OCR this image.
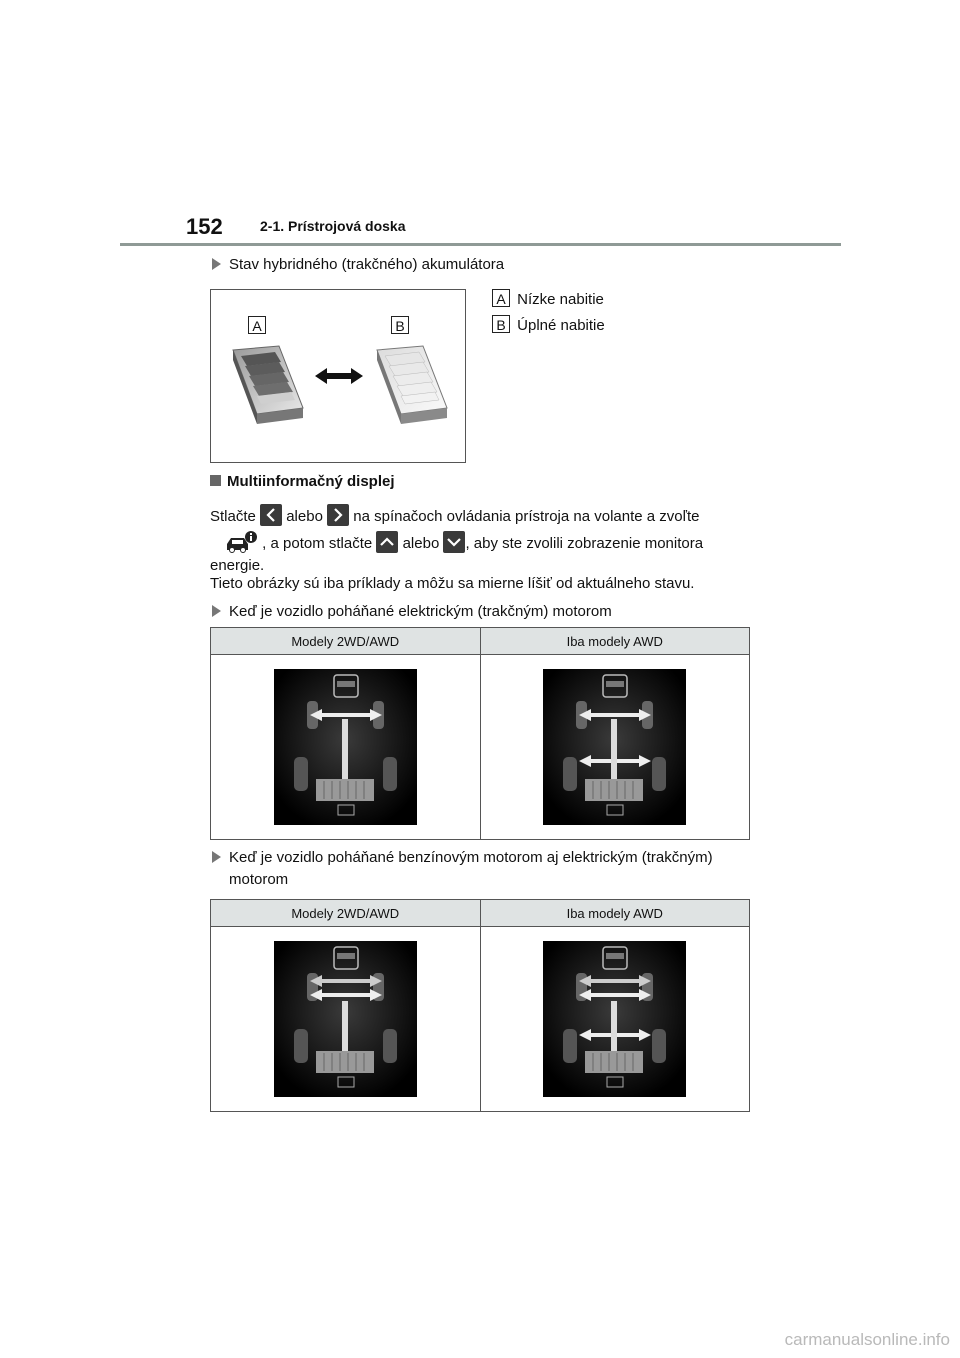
152	2-1. Prístrojová doska
Stav hybridného (trakčného) akumulátora
A	B
A Nízke nabitie
B Úplné nabitie
Multiinformačný displej
Stlačte alebo na spínačoch ovládania prístroja na volante a zvoľte
, a potom stlačte alebo , aby ste zvolili zobrazenie monitora
energie.
Tieto obrázky sú iba príklady a môžu sa mierne líšiť od aktuálneho stavu.
Keď je vozidlo poháňané elektrickým (trakčným) motorom
Modely 2WD/AWD	Iba modely AWD

Keď je vozidlo poháňané benzínovým motorom aj elektrickým (trakčným)
motorom
Modely 2WD/AWD	Iba modely AWD

carmanualsonline.info
